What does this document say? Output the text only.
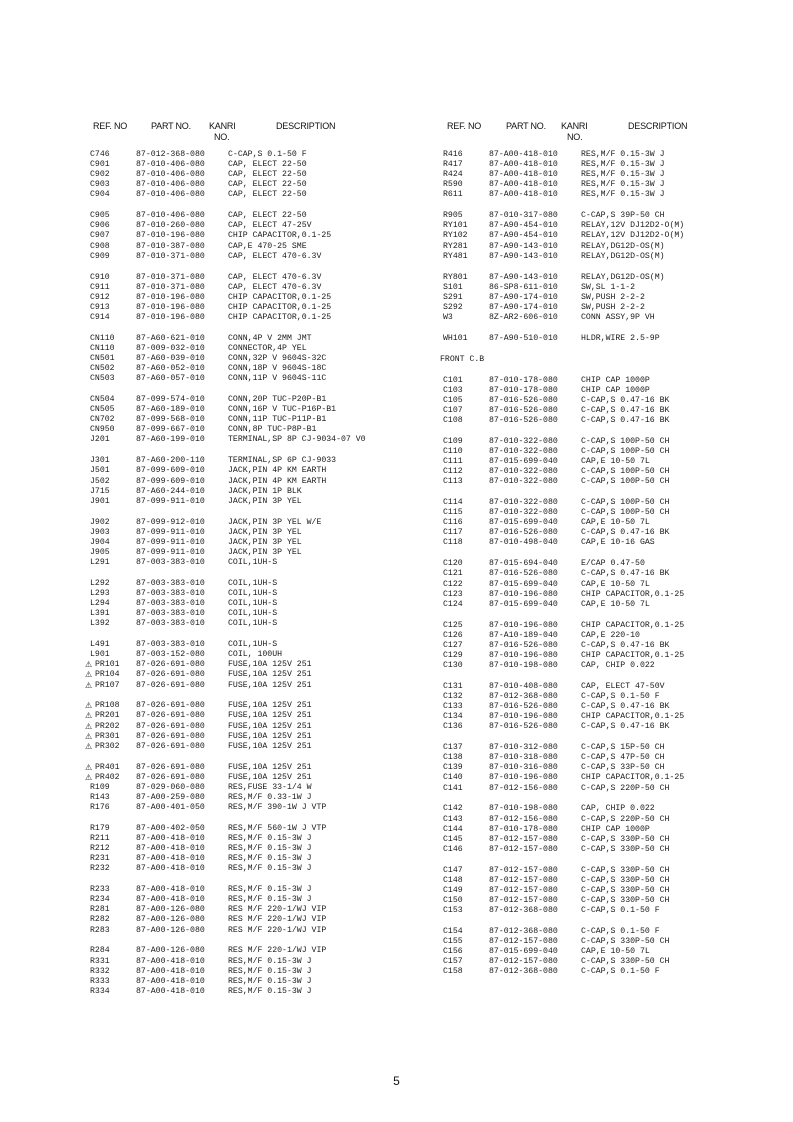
REF. NO	PART NO. KANRI
NO.
DESCRIPTION	REF. NO	PART NO. KANRI
NO.
DESCRIPTION
C746	87-012-368-080	C-CAP,S 0.1-50 F
C901	87-010-406-080	CAP, ELECT 22-50
C902	87-010-406-080	CAP, ELECT 22-50
C903	87-010-406-080	CAP, ELECT 22-50
C904	87-010-406-080	CAP, ELECT 22-50
C905	87-010-406-080	CAP, ELECT 22-50
C906	87-010-260-080	CAP, ELECT 47-25V
C907	87-010-196-080	CHIP CAPACITOR,0.1-25
C908	87-010-387-080	CAP,E 470-25 SME
C909	87-010-371-080	CAP, ELECT 470-6.3V
C910	87-010-371-080	CAP, ELECT 470-6.3V
C911	87-010-371-080	CAP, ELECT 470-6.3V
C912	87-010-196-080	CHIP CAPACITOR,0.1-25
C913	87-010-196-080	CHIP CAPACITOR,0.1-25
C914	87-010-196-080	CHIP CAPACITOR,0.1-25
CN110	87-A60-621-010	CONN,4P V 2MM JMT
CN110	87-009-032-010	CONNECTOR,4P YEL
CN501	87-A60-039-010	CONN,32P V 9604S-32C
CN502	87-A60-052-010	CONN,18P V 9604S-18C
CN503	87-A60-057-010	CONN,11P V 9604S-11C
CN504	87-099-574-010	CONN,20P TUC-P20P-B1
CN505	87-A60-189-010	CONN,16P V TUC-P16P-B1
CN702	87-099-568-010	CONN,11P TUC-P11P-B1
CN950	87-099-667-010	CONN,8P TUC-P8P-B1
J201	87-A60-199-010	TERMINAL,SP 8P CJ-9034-07 V0
J301	87-A60-200-110	TERMINAL,SP 6P CJ-9033
J501	87-099-609-010	JACK,PIN 4P KM EARTH
J502	87-099-609-010	JACK,PIN 4P KM EARTH
J715	87-A60-244-010	JACK,PIN 1P BLK
J901	87-099-911-010	JACK,PIN 3P YEL
J902	87-099-912-010	JACK,PIN 3P YEL W/E
J903	87-099-911-010	JACK,PIN 3P YEL
J904	87-099-911-010	JACK,PIN 3P YEL
J905	87-099-911-010	JACK,PIN 3P YEL
L291	87-003-383-010	COIL,1UH-S
L292	87-003-383-010	COIL,1UH-S
L293	87-003-383-010	COIL,1UH-S
L294	87-003-383-010	COIL,1UH-S
L391	87-003-383-010	COIL,1UH-S
L392	87-003-383-010	COIL,1UH-S
L491	87-003-383-010	COIL,1UH-S
L901	87-003-152-080	COIL, 100UH
⚠ PR101	87-026-691-080	FUSE,10A 125V 251
⚠ PR104	87-026-691-080	FUSE,10A 125V 251
⚠ PR107	87-026-691-080	FUSE,10A 125V 251
⚠ PR108	87-026-691-080	FUSE,10A 125V 251
⚠ PR201	87-026-691-080	FUSE,10A 125V 251
⚠ PR202	87-026-691-080	FUSE,10A 125V 251
⚠ PR301	87-026-691-080	FUSE,10A 125V 251
⚠ PR302	87-026-691-080	FUSE,10A 125V 251
⚠ PR401	87-026-691-080	FUSE,10A 125V 251
⚠ PR402	87-026-691-080	FUSE,10A 125V 251
R109	87-029-060-080	RES,FUSE 33-1/4 W
R143	87-A00-259-080	RES,M/F 0.33-1W J
R176	87-A00-401-050	RES,M/F 390-1W J VTP
R179	87-A00-402-050	RES,M/F 560-1W J VTP
R211	87-A00-418-010	RES,M/F 0.15-3W J
R212	87-A00-418-010	RES,M/F 0.15-3W J
R231	87-A00-418-010	RES,M/F 0.15-3W J
R232	87-A00-418-010	RES,M/F 0.15-3W J
R233	87-A00-418-010	RES,M/F 0.15-3W J
R234	87-A00-418-010	RES,M/F 0.15-3W J
R281	87-A00-126-080	RES M/F 220-1/WJ VIP
R282	87-A00-126-080	RES M/F 220-1/WJ VIP
R283	87-A00-126-080	RES M/F 220-1/WJ VIP
R284	87-A00-126-080	RES M/F 220-1/WJ VIP
R331	87-A00-418-010	RES,M/F 0.15-3W J
R332	87-A00-418-010	RES,M/F 0.15-3W J
R333	87-A00-418-010	RES,M/F 0.15-3W J
R334	87-A00-418-010	RES,M/F 0.15-3W J
R416	87-A00-418-010	RES,M/F 0.15-3W J
R417	87-A00-418-010	RES,M/F 0.15-3W J
R424	87-A00-418-010	RES,M/F 0.15-3W J
R590	87-A00-418-010	RES,M/F 0.15-3W J
R611	87-A00-418-010	RES,M/F 0.15-3W J
R905	87-010-317-080	C-CAP,S 39P-50 CH
RY101	87-A90-454-010	RELAY,12V DJ12D2-O(M)
RY102	87-A90-454-010	RELAY,12V DJ12D2-O(M)
RY281	87-A90-143-010	RELAY,DG12D-OS(M)
RY481	87-A90-143-010	RELAY,DG12D-OS(M)
RY801	87-A90-143-010	RELAY,DG12D-OS(M)
S101	86-SP8-611-010	SW,SL 1-1-2
S291	87-A90-174-010	SW,PUSH 2-2-2
S292	87-A90-174-010	SW,PUSH 2-2-2
W3	8Z-AR2-606-010	CONN ASSY,9P VH
WH101	87-A90-510-010	HLDR,WIRE 2.5-9P
FRONT C.B
C101	87-010-178-080	CHIP CAP 1000P
C103	87-010-178-080	CHIP CAP 1000P
C105	87-016-526-080	C-CAP,S 0.47-16 BK
C107	87-016-526-080	C-CAP,S 0.47-16 BK
C108	87-016-526-080	C-CAP,S 0.47-16 BK
C109	87-010-322-080	C-CAP,S 100P-50 CH
C110	87-010-322-080	C-CAP,S 100P-50 CH
C111	87-015-699-040	CAP,E 10-50 7L
C112	87-010-322-080	C-CAP,S 100P-50 CH
C113	87-010-322-080	C-CAP,S 100P-50 CH
C114	87-010-322-080	C-CAP,S 100P-50 CH
C115	87-010-322-080	C-CAP,S 100P-50 CH
C116	87-015-699-040	CAP,E 10-50 7L
C117	87-016-526-080	C-CAP,S 0.47-16 BK
C118	87-010-498-040	CAP,E 10-16 GAS
C120	87-015-694-040	E/CAP 0.47-50
C121	87-016-526-080	C-CAP,S 0.47-16 BK
C122	87-015-699-040	CAP,E 10-50 7L
C123	87-010-196-080	CHIP CAPACITOR,0.1-25
C124	87-015-699-040	CAP,E 10-50 7L
C125	87-010-196-080	CHIP CAPACITOR,0.1-25
C126	87-A10-189-040	CAP,E 220-10
C127	87-016-526-080	C-CAP,S 0.47-16 BK
C129	87-010-196-080	CHIP CAPACITOR,0.1-25
C130	87-010-198-080	CAP, CHIP 0.022
C131	87-010-408-080	CAP, ELECT 47-50V
C132	87-012-368-080	C-CAP,S 0.1-50 F
C133	87-016-526-080	C-CAP,S 0.47-16 BK
C134	87-010-196-080	CHIP CAPACITOR,0.1-25
C136	87-016-526-080	C-CAP,S 0.47-16 BK
C137	87-010-312-080	C-CAP,S 15P-50 CH
C138	87-010-318-080	C-CAP,S 47P-50 CH
C139	87-010-316-080	C-CAP,S 33P-50 CH
C140	87-010-196-080	CHIP CAPACITOR,0.1-25
C141	87-012-156-080	C-CAP,S 220P-50 CH
C142	87-010-198-080	CAP, CHIP 0.022
C143	87-012-156-080	C-CAP,S 220P-50 CH
C144	87-010-178-080	CHIP CAP 1000P
C145	87-012-157-080	C-CAP,S 330P-50 CH
C146	87-012-157-080	C-CAP,S 330P-50 CH
C147	87-012-157-080	C-CAP,S 330P-50 CH
C148	87-012-157-080	C-CAP,S 330P-50 CH
C149	87-012-157-080	C-CAP,S 330P-50 CH
C150	87-012-157-080	C-CAP,S 330P-50 CH
C153	87-012-368-080	C-CAP,S 0.1-50 F
C154	87-012-368-080	C-CAP,S 0.1-50 F
C155	87-012-157-080	C-CAP,S 330P-50 CH
C156	87-015-699-040	CAP,E 10-50 7L
C157	87-012-157-080	C-CAP,S 330P-50 CH
C158	87-012-368-080	C-CAP,S 0.1-50 F
5
